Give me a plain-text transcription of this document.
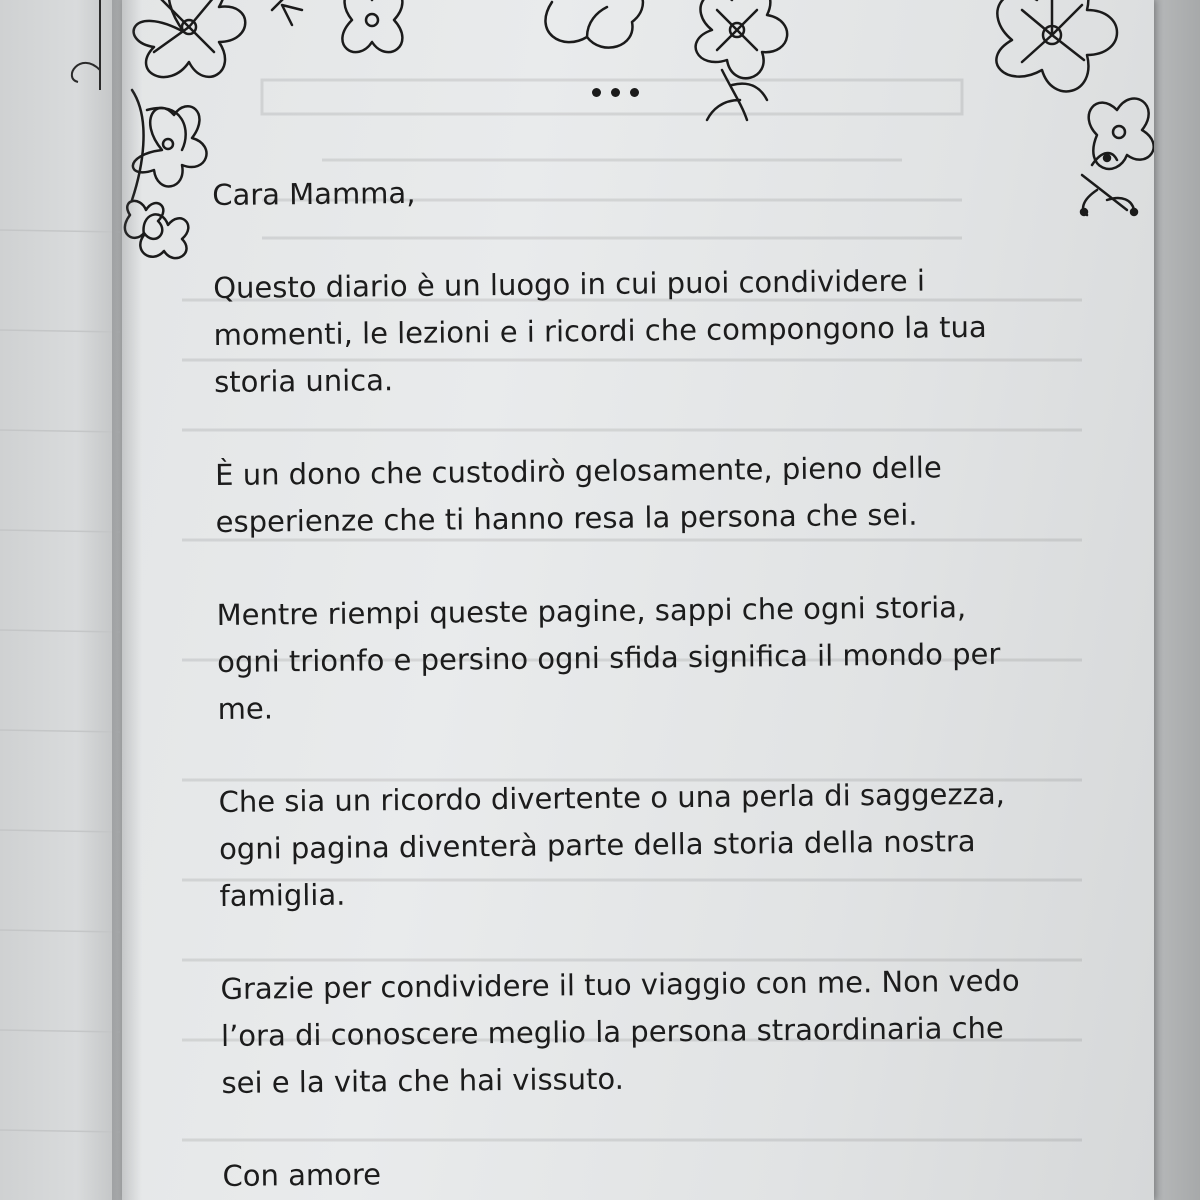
Cara Mamma,

Questo diario è un luogo in cui puoi condividere i
momenti, le lezioni e i ricordi che compongono la tua
storia unica.

È un dono che custodirò gelosamente, pieno delle
esperienze che ti hanno resa la persona che sei.

Mentre riempi queste pagine, sappi che ogni storia,
ogni trionfo e persino ogni sfida significa il mondo per
me.

Che sia un ricordo divertente o una perla di saggezza,
ogni pagina diventerà parte della storia della nostra
famiglia.

Grazie per condividere il tuo viaggio con me. Non vedo
l’ora di conoscere meglio la persona straordinaria che
sei e la vita che hai vissuto.

Con amore
